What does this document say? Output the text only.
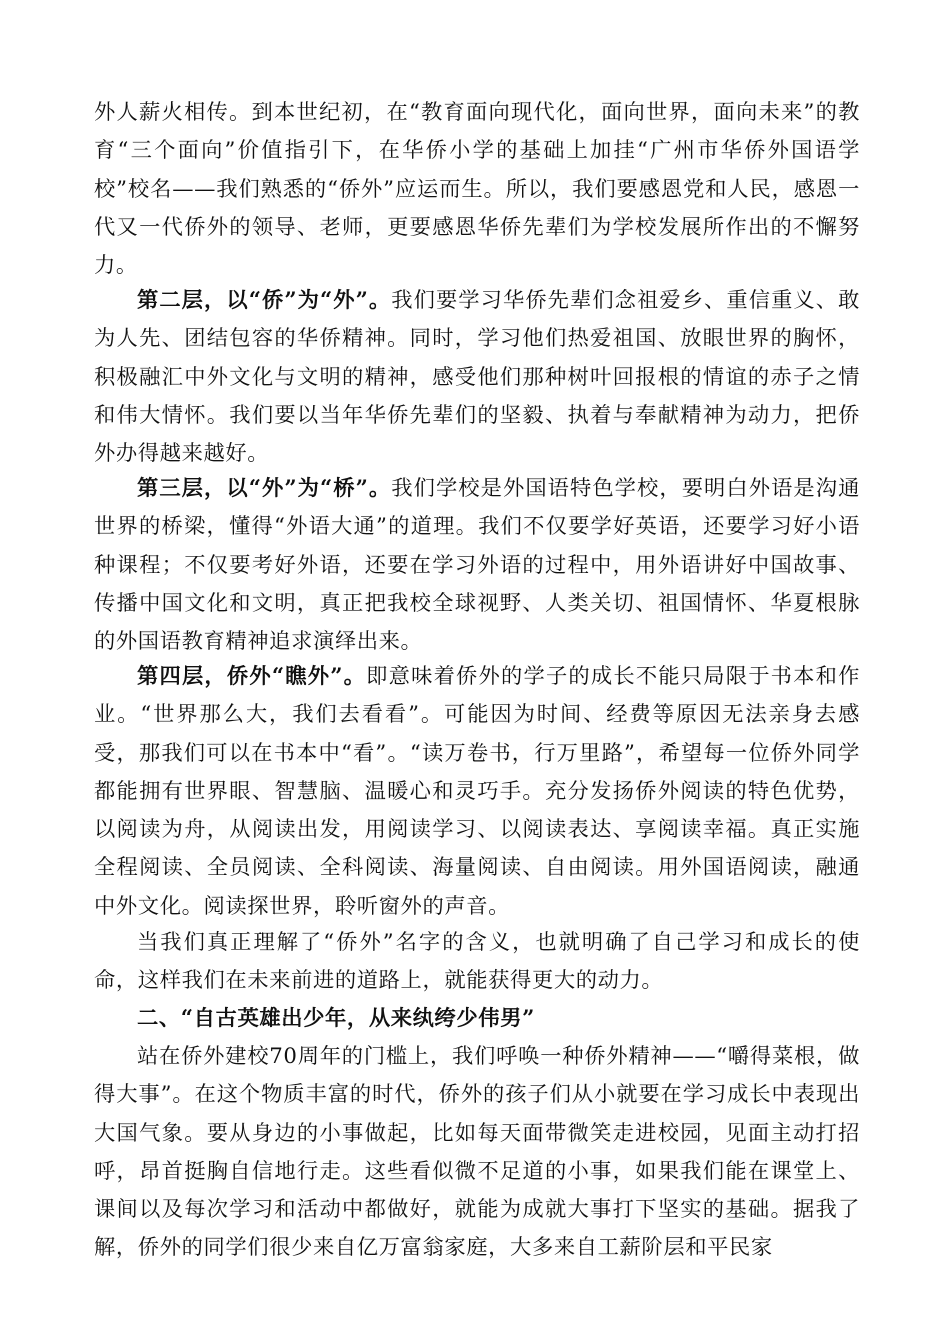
外人薪火相传。到本世纪初，在“教育面向现代化，面向世界，面向未来”的教育“三个面向”价值指引下，在华侨小学的基础上加挂“广州市华侨外国语学校”校名——我们熟悉的“侨外”应运而生。所以，我们要感恩党和人民，感恩一代又一代侨外的领导、老师，更要感恩华侨先辈们为学校发展所作出的不懈努力。

第二层，以“侨”为“外”。我们要学习华侨先辈们念祖爱乡、重信重义、敢为人先、团结包容的华侨精神。同时，学习他们热爱祖国、放眼世界的胸怀，积极融汇中外文化与文明的精神，感受他们那种树叶回报根的情谊的赤子之情和伟大情怀。我们要以当年华侨先辈们的坚毅、执着与奉献精神为动力，把侨外办得越来越好。

第三层，以“外”为“桥”。我们学校是外国语特色学校，要明白外语是沟通世界的桥梁，懂得“外语大通”的道理。我们不仅要学好英语，还要学习好小语种课程；不仅要考好外语，还要在学习外语的过程中，用外语讲好中国故事、传播中国文化和文明，真正把我校全球视野、人类关切、祖国情怀、华夏根脉的外国语教育精神追求演绎出来。

第四层，侨外“瞧外”。即意味着侨外的学子的成长不能只局限于书本和作业。“世界那么大，我们去看看”。可能因为时间、经费等原因无法亲身去感受，那我们可以在书本中“看”。“读万卷书，行万里路”，希望每一位侨外同学都能拥有世界眼、智慧脑、温暖心和灵巧手。充分发扬侨外阅读的特色优势，以阅读为舟，从阅读出发，用阅读学习、以阅读表达、享阅读幸福。真正实施全程阅读、全员阅读、全科阅读、海量阅读、自由阅读。用外国语阅读，融通中外文化。阅读探世界，聆听窗外的声音。

当我们真正理解了“侨外”名字的含义，也就明确了自己学习和成长的使命，这样我们在未来前进的道路上，就能获得更大的动力。

二、“自古英雄出少年，从来纨绔少伟男”

站在侨外建校70周年的门槛上，我们呼唤一种侨外精神——“嚼得菜根，做得大事”。在这个物质丰富的时代，侨外的孩子们从小就要在学习成长中表现出大国气象。要从身边的小事做起，比如每天面带微笑走进校园，见面主动打招呼，昂首挺胸自信地行走。这些看似微不足道的小事，如果我们能在课堂上、课间以及每次学习和活动中都做好，就能为成就大事打下坚实的基础。据我了解，侨外的同学们很少来自亿万富翁家庭，大多来自工薪阶层和平民家
